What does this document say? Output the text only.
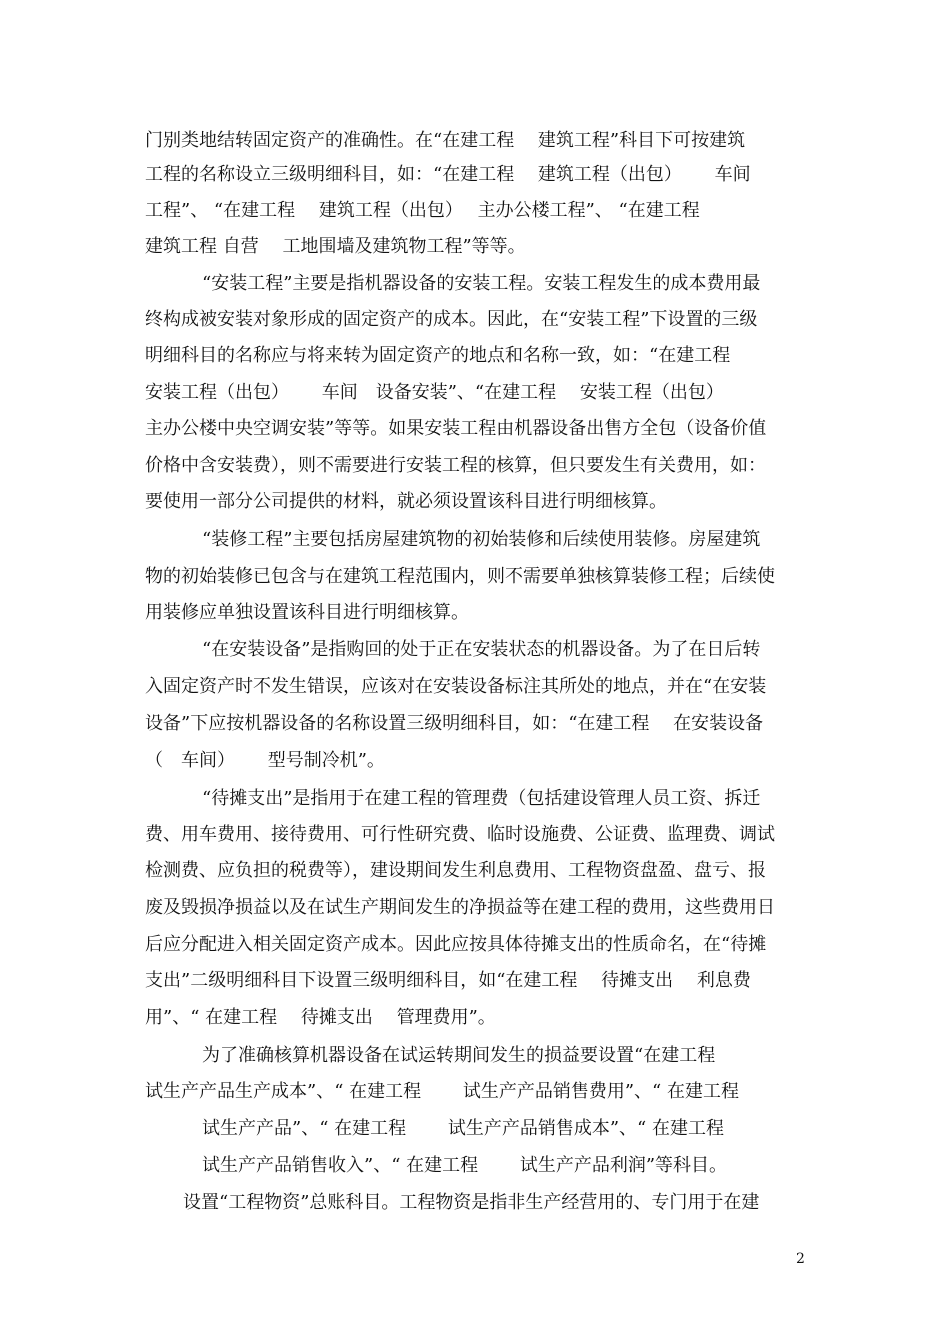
门别类地结转固定资产的准确性。在“在建工程　 建筑工程”科目下可按建筑
工程的名称设立三级明细科目，如：“在建工程　 建筑工程（出包）　　 车间
工程”、 “在建工程　 建筑工程（出包）　 主办公楼工程”、 “在建工程
建筑工程 自营　 工地围墙及建筑物工程”等等。
“安装工程”主要是指机器设备的安装工程。安装工程发生的成本费用最
终构成被安装对象形成的固定资产的成本。因此，在“安装工程”下设置的三级
明细科目的名称应与将来转为固定资产的地点和名称一致，如：“在建工程
安装工程（出包）　　 车间　设备安装”、“在建工程　 安装工程（出包）
主办公楼中央空调安装”等等。如果安装工程由机器设备出售方全包（设备价值
价格中含安装费），则不需要进行安装工程的核算，但只要发生有关费用，如：
要使用一部分公司提供的材料，就必须设置该科目进行明细核算。
“装修工程”主要包括房屋建筑物的初始装修和后续使用装修。房屋建筑
物的初始装修已包含与在建筑工程范围内，则不需要单独核算装修工程；后续使
用装修应单独设置该科目进行明细核算。
“在安装设备”是指购回的处于正在安装状态的机器设备。为了在日后转
入固定资产时不发生错误，应该对在安装设备标注其所处的地点，并在“在安装
设备”下应按机器设备的名称设置三级明细科目，如：“在建工程　 在安装设备
（　车间）　　 型号制冷机”。
“待摊支出”是指用于在建工程的管理费（包括建设管理人员工资、拆迁
费、用车费用、接待费用、可行性研究费、临时设施费、公证费、监理费、调试
检测费、应负担的税费等），建设期间发生利息费用、工程物资盘盈、盘亏、报
废及毁损净损益以及在试生产期间发生的净损益等在建工程的费用，这些费用日
后应分配进入相关固定资产成本。因此应按具体待摊支出的性质命名，在“待摊
支出”二级明细科目下设置三级明细科目，如“在建工程　 待摊支出　 利息费
用”、“ 在建工程　 待摊支出　 管理费用”。
为了准确核算机器设备在试运转期间发生的损益要设置“在建工程
试生产产品生产成本”、“ 在建工程　　 试生产产品销售费用”、“ 在建工程
试生产产品”、“ 在建工程　　 试生产产品销售成本”、“ 在建工程
试生产产品销售收入”、“ 在建工程　　 试生产产品利润”等科目。
设置“工程物资”总账科目。工程物资是指非生产经营用的、专门用于在建
2
